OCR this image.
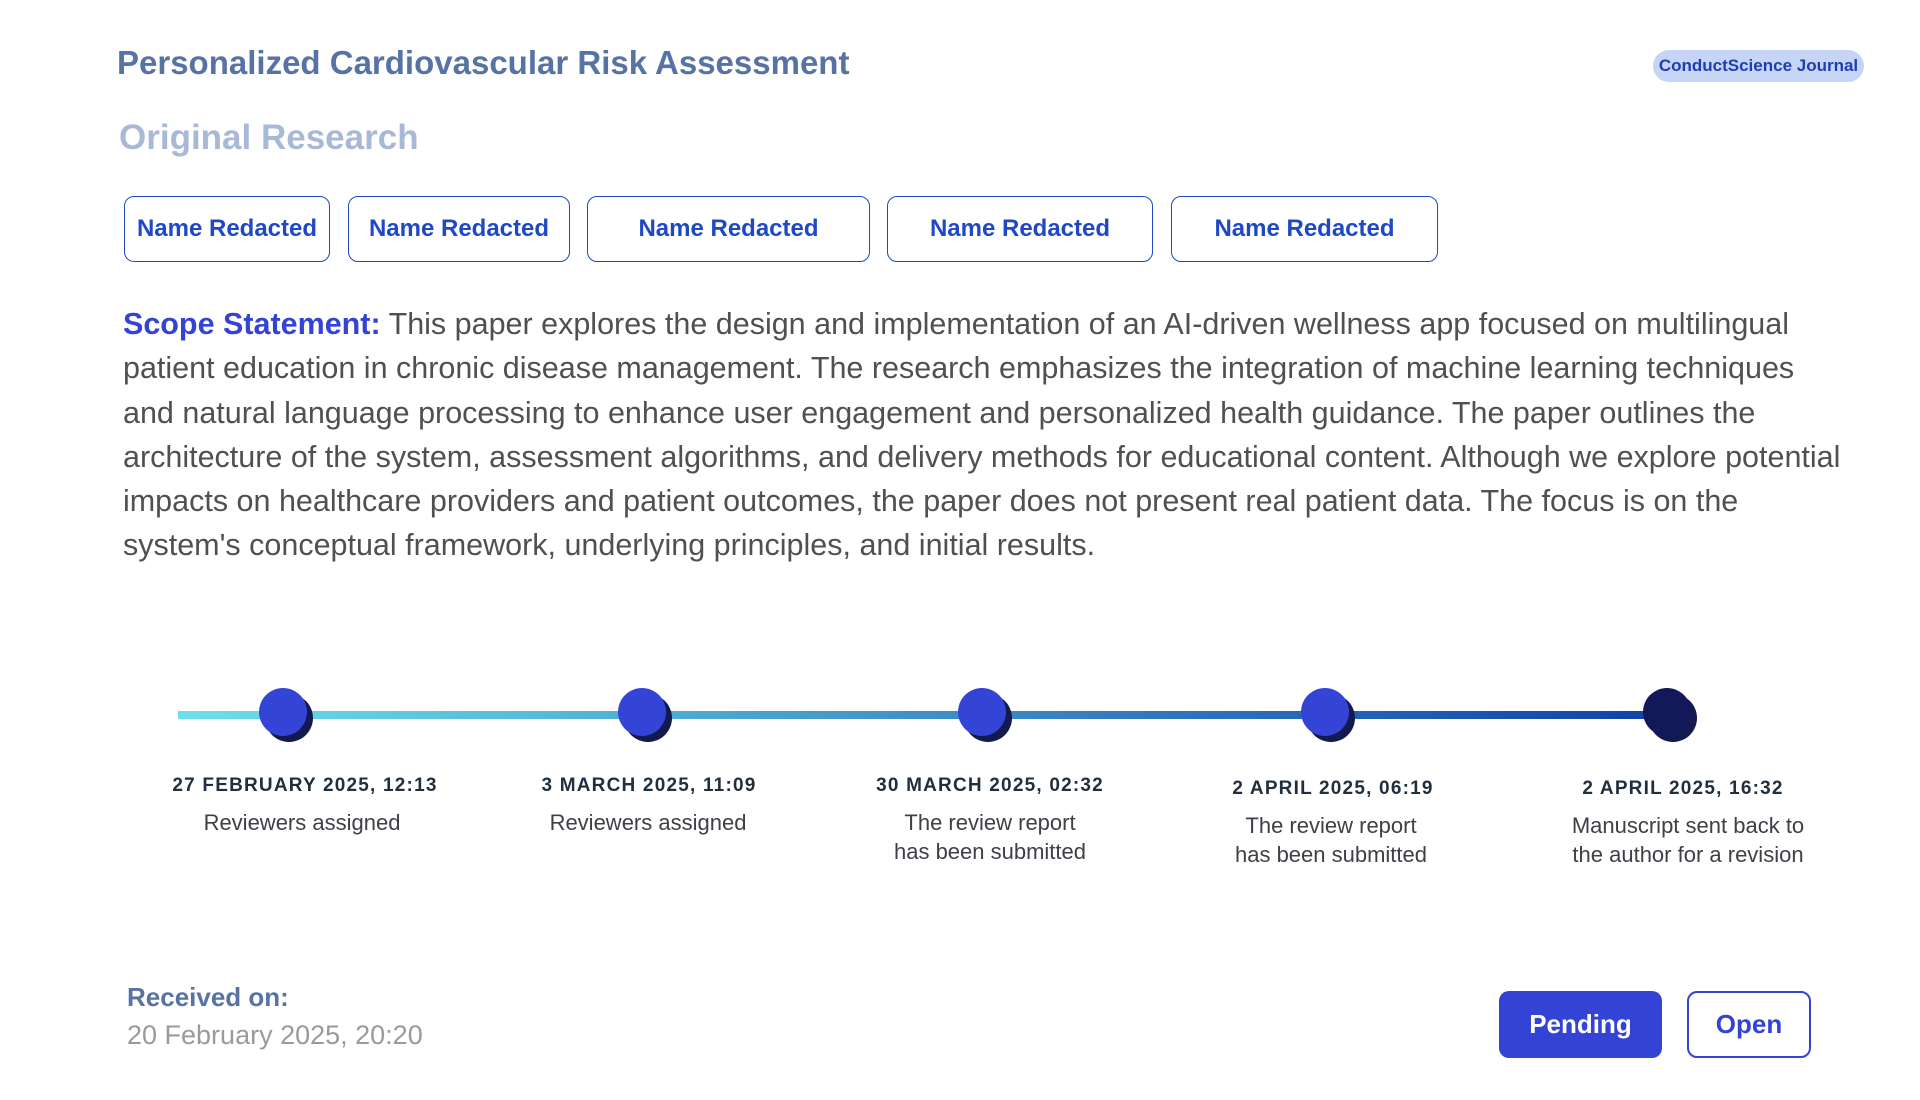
Personalized Cardiovascular Risk Assessment	ConductScience Journal
Original Research
Name Redacted	Name Redacted	Name Redacted	Name Redacted	Name Redacted

Scope Statement: This paper explores the design and implementation of an AI-driven wellness app focused on multilingual patient education in chronic disease management. The research emphasizes the integration of machine learning techniques and natural language processing to enhance user engagement and personalized health guidance. The paper outlines the architecture of the system, assessment algorithms, and delivery methods for educational content. Although we explore potential impacts on healthcare providers and patient outcomes, the paper does not present real patient data. The focus is on the system's conceptual framework, underlying principles, and initial results.

27 FEBRUARY 2025, 12:13
Reviewers assigned
3 MARCH 2025, 11:09
Reviewers assigned
30 MARCH 2025, 02:32
The review report
has been submitted
2 APRIL 2025, 06:19
The review report
has been submitted
2 APRIL 2025, 16:32
Manuscript sent back to
the author for a revision
Received on:
20 February 2025, 20:20	Pending	Open
